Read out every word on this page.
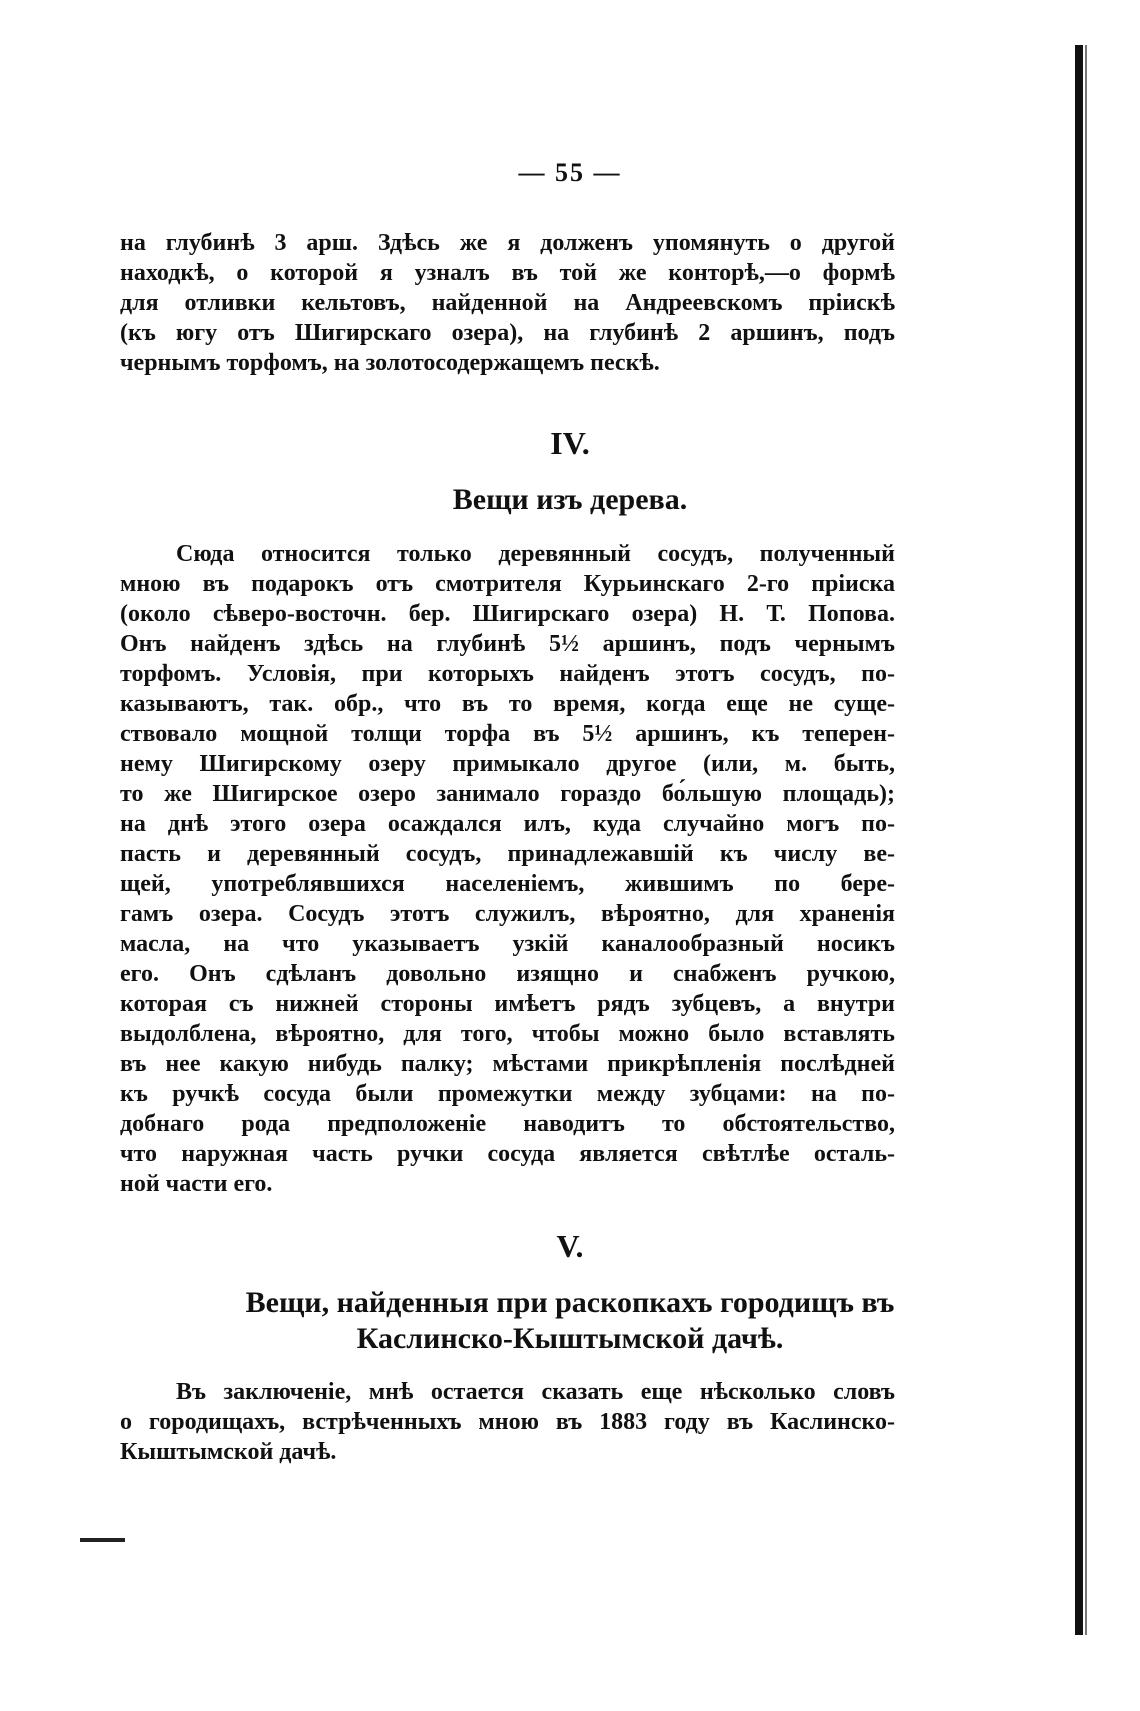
— 55 —
на глубинѣ 3 арш. Здѣсь же я долженъ упомянуть о другой
находкѣ, о которой я узналъ въ той же конторѣ,—о формѣ
для отливки кельтовъ, найденной на Андреевскомъ прiискѣ
(къ югу отъ Шигирскаго озера), на глубинѣ 2 аршинъ, подъ
чернымъ торфомъ, на золотосодержащемъ пескѣ.
IV.
Вещи изъ дерева.
Сюда относится только деревянный сосудъ, полученный
мною въ подарокъ отъ смотрителя Курьинскаго 2-го прiиска
(около сѣверо-восточн. бер. Шигирскаго озера) Н. Т. Попова.
Онъ найденъ здѣсь на глубинѣ 5½ аршинъ, подъ чернымъ
торфомъ. Условiя, при которыхъ найденъ этотъ сосудъ, по-
казываютъ, так. обр., что въ то время, когда еще не суще-
ствовало мощной толщи торфа въ 5½ аршинъ, къ теперен-
нему Шигирскому озеру примыкало другое (или, м. быть,
то же Шигирское озеро занимало гораздо бо́льшую площадь);
на днѣ этого озера осаждался илъ, куда случайно могъ по-
пасть и деревянный сосудъ, принадлежавшiй къ числу ве-
щей, употреблявшихся населенiемъ, жившимъ по бере-
гамъ озера. Сосудъ этотъ служилъ, вѣроятно, для храненiя
масла, на что указываетъ узкiй каналообразный носикъ
его. Онъ сдѣланъ довольно изящно и снабженъ ручкою,
которая съ нижней стороны имѣетъ рядъ зубцевъ, а внутри
выдолблена, вѣроятно, для того, чтобы можно было вставлять
въ нее какую нибудь палку; мѣстами прикрѣпленiя послѣдней
къ ручкѣ сосуда были промежутки между зубцами: на по-
добнаго рода предположенiе наводитъ то обстоятельство,
что наружная часть ручки сосуда является свѣтлѣе осталь-
ной части его.
V.
Вещи, найденныя при раскопкахъ городищъ въ
Каслинско-Кыштымской дачѣ.
Въ заключенiе, мнѣ остается сказать еще нѣсколько словъ
о городищахъ, встрѣченныхъ мною въ 1883 году въ Каслинско-
Кыштымской дачѣ.
